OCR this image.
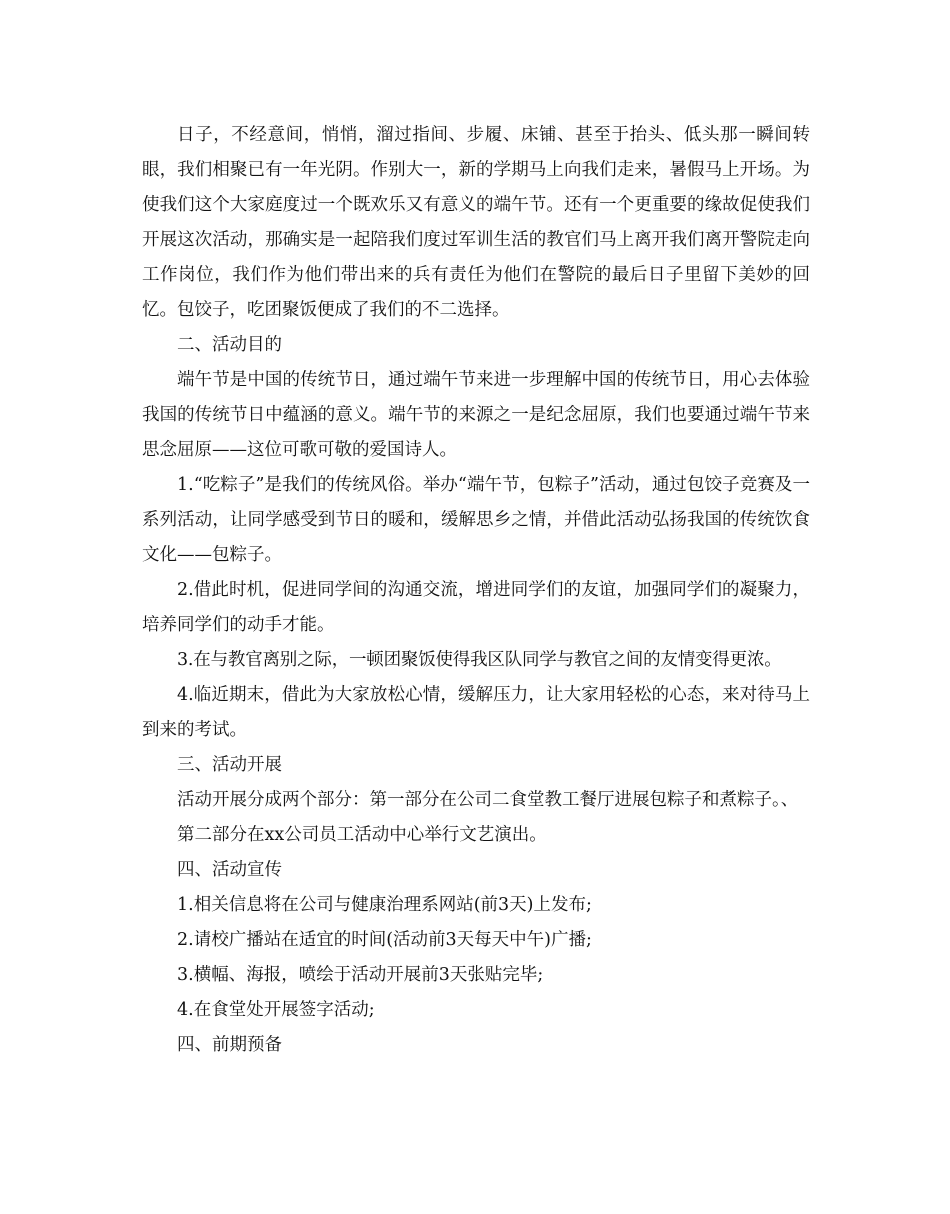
日子，不经意间，悄悄，溜过指间、步履、床铺、甚至于抬头、低头那一瞬间转眼，我们相聚已有一年光阴。作别大一，新的学期马上向我们走来，暑假马上开场。为使我们这个大家庭度过一个既欢乐又有意义的端午节。还有一个更重要的缘故促使我们开展这次活动，那确实是一起陪我们度过军训生活的教官们马上离开我们离开警院走向工作岗位，我们作为他们带出来的兵有责任为他们在警院的最后日子里留下美妙的回忆。包饺子，吃团聚饭便成了我们的不二选择。

二、活动目的

端午节是中国的传统节日，通过端午节来进一步理解中国的传统节日，用心去体验我国的传统节日中蕴涵的意义。端午节的来源之一是纪念屈原，我们也要通过端午节来思念屈原——这位可歌可敬的爱国诗人。

1.“吃粽子”是我们的传统风俗。举办“端午节，包粽子”活动，通过包饺子竞赛及一系列活动，让同学感受到节日的暖和，缓解思乡之情，并借此活动弘扬我国的传统饮食文化——包粽子。

2.借此时机，促进同学间的沟通交流，增进同学们的友谊，加强同学们的凝聚力，培养同学们的动手才能。

3.在与教官离别之际，一顿团聚饭使得我区队同学与教官之间的友情变得更浓。

4.临近期末，借此为大家放松心情，缓解压力，让大家用轻松的心态，来对待马上到来的考试。

三、活动开展

活动开展分成两个部分：第一部分在公司二食堂教工餐厅进展包粽子和煮粽子。、

第二部分在xx公司员工活动中心举行文艺演出。

四、活动宣传

1.相关信息将在公司与健康治理系网站(前3天)上发布;

2.请校广播站在适宜的时间(活动前3天每天中午)广播;

3.横幅、海报，喷绘于活动开展前3天张贴完毕;

4.在食堂处开展签字活动;

四、前期预备
